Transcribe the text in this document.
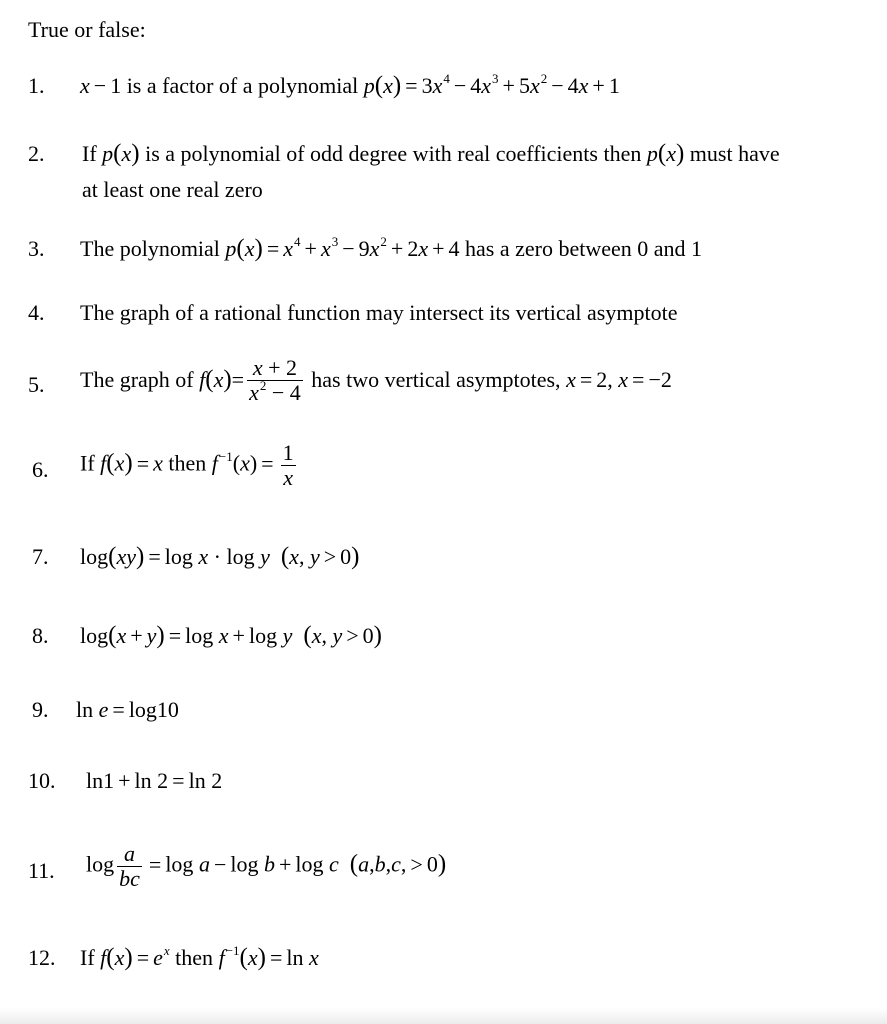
True or false:
1. x − 1 is a factor of a polynomial $p(x) = 3x^4 - 4x^3 + 5x^2 - 4x + 1$
2. If p(x) is a polynomial of odd degree with real coefficients then p(x) must have
at least one real zero
3. The polynomial $p(x) = x^4 + x^3 - 9x^2 + 2x + 4$ has a zero between 0 and 1
4. The graph of a rational function may intersect its vertical asymptote
5. The graph of $f(x)= \frac{x + 2}{x^2 - 4}$ has two vertical asymptotes, x = 2, x = −2
6. If f(x) = x then $f^{-1}(x) = \frac{1}{x}$
7. log(xy) = log x · log y (x, y > 0)
8. log(x + y) = log x + log y (x, y > 0)
9. ln e = log10
10. ln1 + ln 2 = ln 2
11. $\log \frac{a}{bc} = \log a - \log b + \log c$ (a,b,c, > 0)
12. If $f(x) = e^x$ then $f^{-1}(x) = \ln x$
